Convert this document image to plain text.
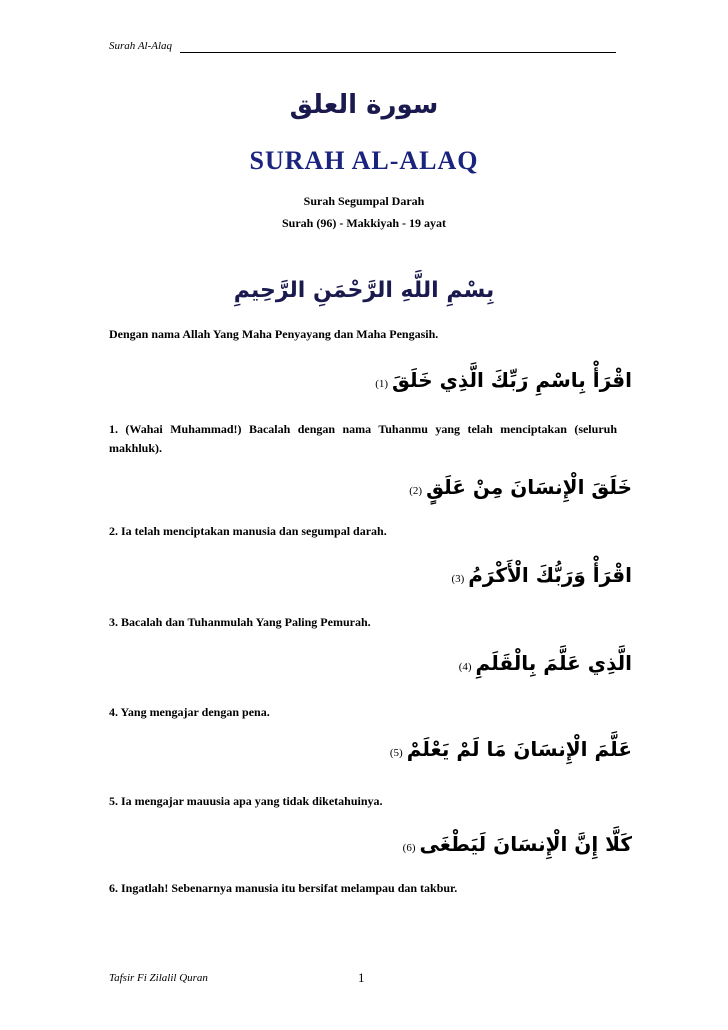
Surah Al-Alaq
ﺳﻮﺭﺓ ﺍﻟﻌﻠﻖ
SURAH AL-ALAQ
Surah Segumpal Darah
Surah (96) - Makkiyah - 19 ayat
ﺑِﺴْﻢِ ﺍﻟﻠَّﻪِ ﺍﻟﺮَّﺣْﻤَﻦِ ﺍﻟﺮَّﺣِﻴﻢِ
Dengan nama Allah Yang Maha Penyayang dan Maha Pengasih.
(1) ﺍﻗْﺮَﺃْ ﺑِﺎﺳْﻢِ ﺭَﺑِّﻚَ ﺍﻟَّﺬِﻱ ﺧَﻠَﻖَ
1. (Wahai Muhammad!) Bacalah dengan nama Tuhanmu yang telah menciptakan (seluruh makhluk).
(2) ﺧَﻠَﻖَ ﺍﻟْﺈِﻧﺴَﺎﻥَ ﻣِﻦْ ﻋَﻠَﻖٍ
2. Ia telah menciptakan manusia dan segumpal darah.
(3) ﺍﻗْﺮَﺃْ ﻭَﺭَﺑُّﻚَ ﺍﻟْﺄَﻛْﺮَﻡُ
3. Bacalah dan Tuhanmulah Yang Paling Pemurah.
(4) ﺍﻟَّﺬِﻱ ﻋَﻠَّﻢَ ﺑِﺎﻟْﻘَﻠَﻢِ
4. Yang mengajar dengan pena.
(5) ﻋَﻠَّﻢَ ﺍﻟْﺈِﻧﺴَﺎﻥَ ﻣَﺎ ﻟَﻢْ ﻳَﻌْﻠَﻢْ
5. Ia mengajar mauusia apa yang tidak diketahuinya.
(6) ﻛَﻠَّﺎ ﺇِﻥَّ ﺍﻟْﺈِﻧﺴَﺎﻥَ ﻟَﻴَﻄْﻐَﻰ
6. Ingatlah! Sebenarnya manusia itu bersifat melampau dan takbur.
Tafsir Fi Zilalil Quran	1
